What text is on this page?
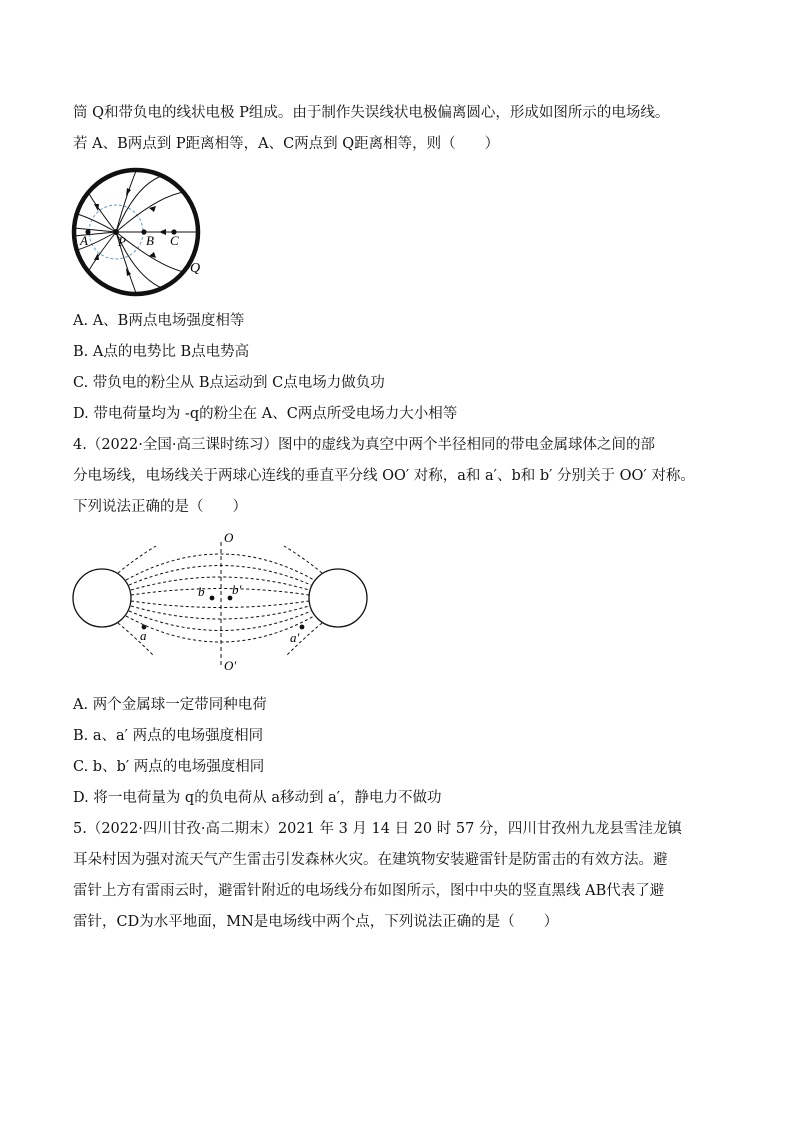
筒 Q和带负电的线状电极 P组成。由于制作失误线状电极偏离圆心，形成如图所示的电场线。
若 A、B两点到 P距离相等，A、C两点到 Q距离相等，则（　　）
A P B C
Q
A. A、B两点电场强度相等
B. A点的电势比 B点电势高
C. 带负电的粉尘从 B点运动到 C点电场力做负功
D. 带电荷量均为 -q的粉尘在 A、C两点所受电场力大小相等
4.（2022·全国·高三课时练习）图中的虚线为真空中两个半径相同的带电金属球体之间的部
分电场线，电场线关于两球心连线的垂直平分线 OO′ 对称，a和 a′、b和 b′ 分别关于 OO′ 对称。
下列说法正确的是（　　）
O
O′
b b′
a	a′
A. 两个金属球一定带同种电荷
B. a、a′ 两点的电场强度相同
C. b、b′ 两点的电场强度相同
D. 将一电荷量为 q的负电荷从 a移动到 a′，静电力不做功
5.（2022·四川甘孜·高二期末）2021 年 3 月 14 日 20 时 57 分，四川甘孜州九龙县雪洼龙镇
耳朵村因为强对流天气产生雷击引发森林火灾。在建筑物安装避雷针是防雷击的有效方法。避
雷针上方有雷雨云时，避雷针附近的电场线分布如图所示，图中中央的竖直黑线 AB代表了避
雷针，CD为水平地面，MN是电场线中两个点，下列说法正确的是（　　）
